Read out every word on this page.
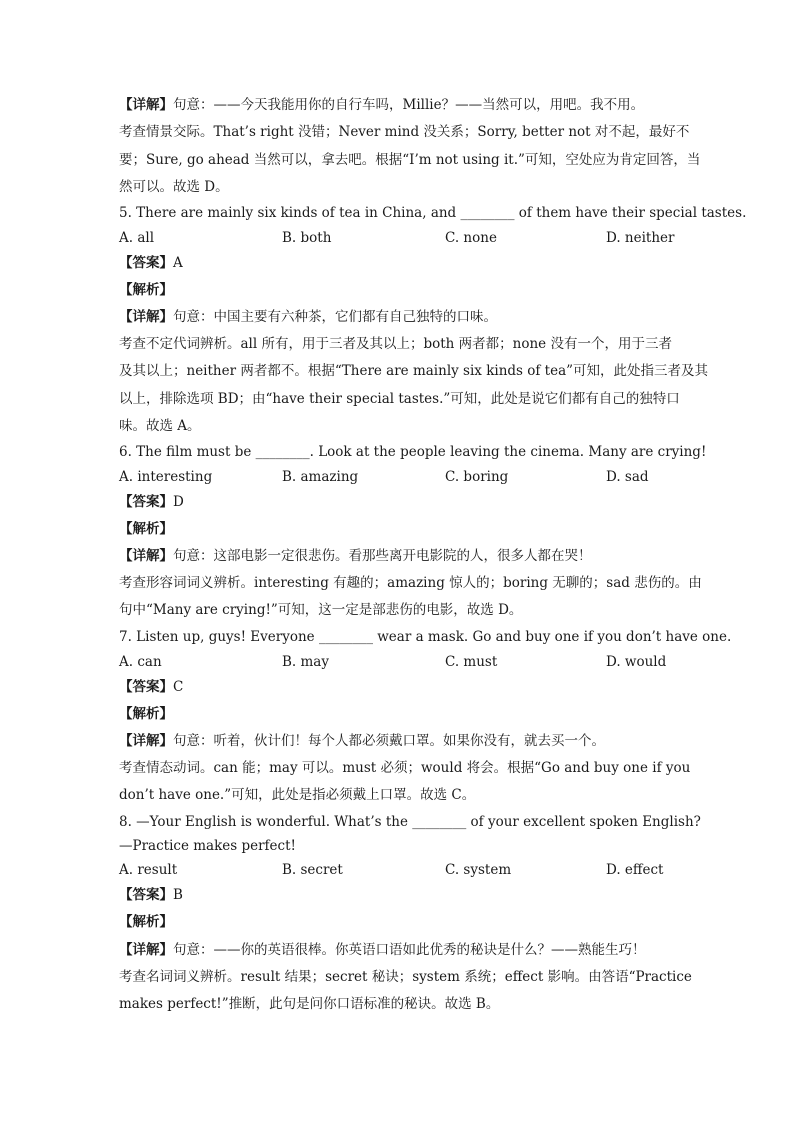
【详解】句意：——今天我能用你的自行车吗，Millie？——当然可以，用吧。我不用。
考查情景交际。That’s right 没错；Never mind 没关系；Sorry, better not 对不起，最好不
要；Sure, go ahead 当然可以，拿去吧。根据“I’m not using it.”可知，空处应为肯定回答，当
然可以。故选 D。
5. There are mainly six kinds of tea in China, and ________ of them have their special tastes.
A. all	B. both	C. none	D. neither
【答案】A
【解析】
【详解】句意：中国主要有六种茶，它们都有自己独特的口味。
考查不定代词辨析。all 所有，用于三者及其以上；both 两者都；none 没有一个，用于三者
及其以上；neither 两者都不。根据“There are mainly six kinds of tea”可知，此处指三者及其
以上，排除选项 BD；由“have their special tastes.”可知，此处是说它们都有自己的独特口
味。故选 A。
6. The film must be ________. Look at the people leaving the cinema. Many are crying!
A. interesting	B. amazing	C. boring	D. sad
【答案】D
【解析】
【详解】句意：这部电影一定很悲伤。看那些离开电影院的人，很多人都在哭！
考查形容词词义辨析。interesting 有趣的；amazing 惊人的；boring 无聊的；sad 悲伤的。由
句中“Many are crying!”可知，这一定是部悲伤的电影，故选 D。
7. Listen up, guys! Everyone ________ wear a mask. Go and buy one if you don’t have one.
A. can	B. may	C. must	D. would
【答案】C
【解析】
【详解】句意：听着，伙计们！每个人都必须戴口罩。如果你没有，就去买一个。
考查情态动词。can 能；may 可以。must 必须；would 将会。根据“Go and buy one if you
don’t have one.”可知，此处是指必须戴上口罩。故选 C。
8. —Your English is wonderful. What’s the ________ of your excellent spoken English?
—Practice makes perfect!
A. result	B. secret	C. system	D. effect
【答案】B
【解析】
【详解】句意：——你的英语很棒。你英语口语如此优秀的秘诀是什么？——熟能生巧！
考查名词词义辨析。result 结果；secret 秘诀；system 系统；effect 影响。由答语“Practice
makes perfect!”推断，此句是问你口语标准的秘诀。故选 B。
